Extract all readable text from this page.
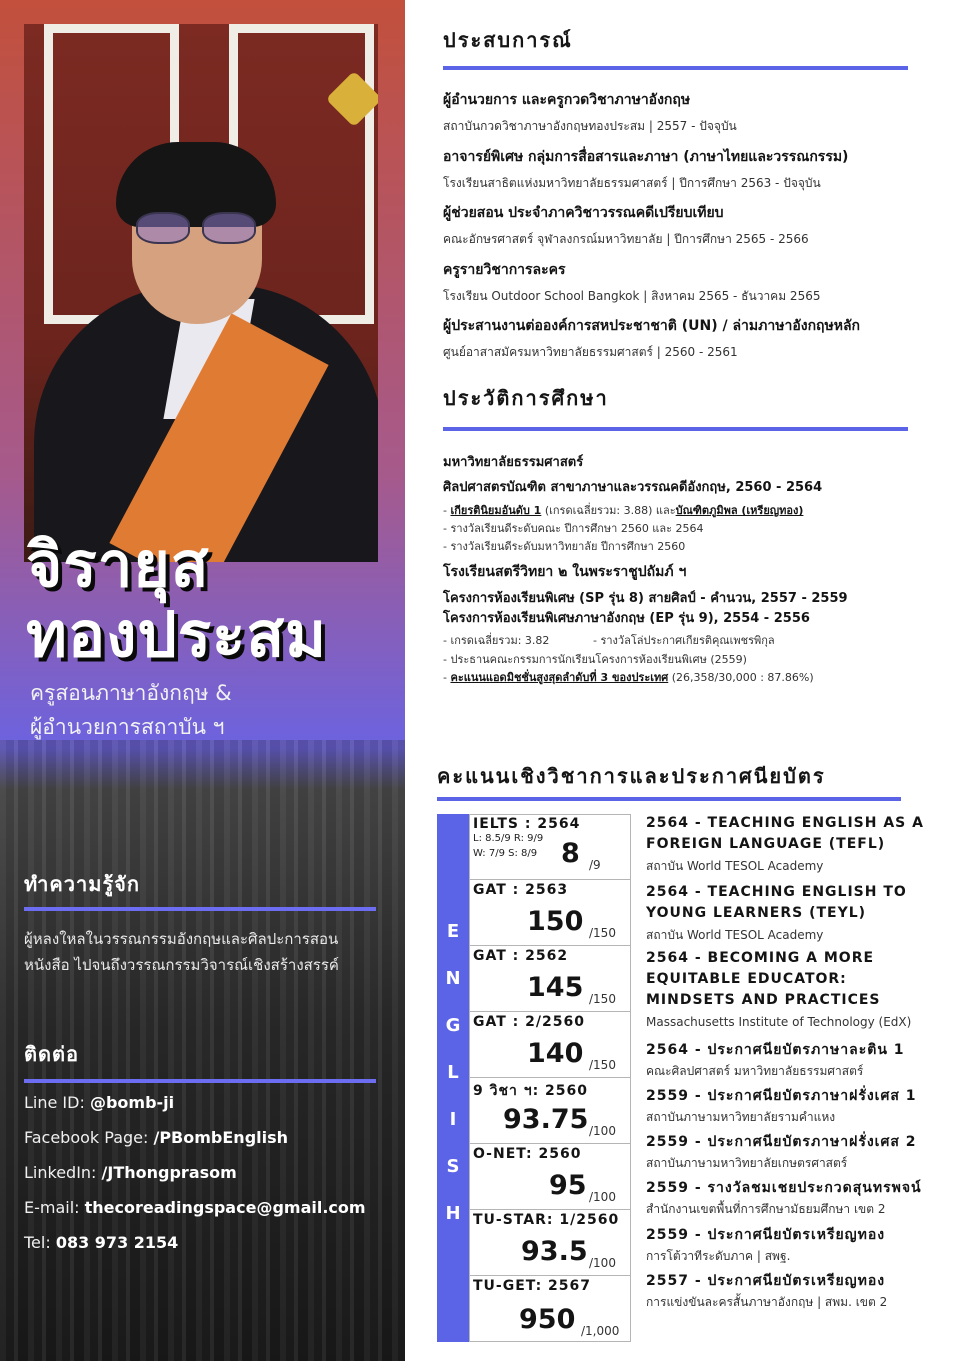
จิรายุส
ทองประสม
ครูสอนภาษาอังกฤษ &
ผู้อำนวยการสถาบัน ฯ
ทำความรู้จัก
ผู้หลงใหลในวรรณกรรมอังกฤษและศิลปะการสอน
หนังสือ ไปจนถึงวรรณกรรมวิจารณ์เชิงสร้างสรรค์
ติดต่อ
Line ID: @bomb-ji
Facebook Page: /PBombEnglish
LinkedIn: /JThongprasom
E-mail: thecoreadingspace@gmail.com
Tel: 083 973 2154
ประสบการณ์
ผู้อำนวยการ และครูกวดวิชาภาษาอังกฤษ
สถาบันกวดวิชาภาษาอังกฤษทองประสม | 2557 - ปัจจุบัน
อาจารย์พิเศษ กลุ่มการสื่อสารและภาษา (ภาษาไทยและวรรณกรรม)
โรงเรียนสาธิตแห่งมหาวิทยาลัยธรรมศาสตร์ | ปีการศึกษา 2563 - ปัจจุบัน
ผู้ช่วยสอน ประจำภาควิชาวรรณคดีเปรียบเทียบ
คณะอักษรศาสตร์ จุฬาลงกรณ์มหาวิทยาลัย | ปีการศึกษา 2565 - 2566
ครูรายวิชาการละคร
โรงเรียน Outdoor School Bangkok | สิงหาคม 2565 - ธันวาคม 2565
ผู้ประสานงานต่อองค์การสหประชาชาติ (UN) / ล่ามภาษาอังกฤษหลัก
ศูนย์อาสาสมัครมหาวิทยาลัยธรรมศาสตร์ | 2560 - 2561
ประวัติการศึกษา
มหาวิทยาลัยธรรมศาสตร์
ศิลปศาสตรบัณฑิต สาขาภาษาและวรรณคดีอังกฤษ, 2560 - 2564
- เกียรตินิยมอันดับ 1 (เกรดเฉลี่ยรวม: 3.88) และบัณฑิตภูมิพล (เหรียญทอง)
- รางวัลเรียนดีระดับคณะ ปีการศึกษา 2560 และ 2564
- รางวัลเรียนดีระดับมหาวิทยาลัย ปีการศึกษา 2560
โรงเรียนสตรีวิทยา ๒ ในพระราชูปถัมภ์ ฯ
โครงการห้องเรียนพิเศษ (SP รุ่น 8) สายศิลป์ - คำนวน, 2557 - 2559
โครงการห้องเรียนพิเศษภาษาอังกฤษ (EP รุ่น 9), 2554 - 2556
- เกรดเฉลี่ยรวม: 3.82	- รางวัลโล่ประกาศเกียรติคุณเพชรพิกุล
- ประธานคณะกรรมการนักเรียนโครงการห้องเรียนพิเศษ (2559)
- คะแนนแอดมิชชั่นสูงสุดลำดับที่ 3 ของประเทศ (26,358/30,000 : 87.86%)
คะแนนเชิงวิชาการและประกาศนียบัตร
E
N
G
L
I
S
H
IELTS : 2564
L: 8.5/9 R: 9/9
W: 7/9 S: 8/9 8 /9
GAT : 2563
150 /150
GAT : 2562
145 /150
GAT : 2/2560
140 /150
9 วิชา ฯ: 2560
93.75 /100
O-NET: 2560
95 /100
TU-STAR: 1/2560
93.5 /100
TU-GET: 2567
950 /1,000
2564 - TEACHING ENGLISH AS A
FOREIGN LANGUAGE (TEFL)
สถาบัน World TESOL Academy
2564 - TEACHING ENGLISH TO
YOUNG LEARNERS (TEYL)
สถาบัน World TESOL Academy
2564 - BECOMING A MORE
EQUITABLE EDUCATOR:
MINDSETS AND PRACTICES
Massachusetts Institute of Technology (EdX)
2564 - ประกาศนียบัตรภาษาละติน 1
คณะศิลปศาสตร์ มหาวิทยาลัยธรรมศาสตร์
2559 - ประกาศนียบัตรภาษาฝรั่งเศส 1
สถาบันภาษามหาวิทยาลัยรามคำแหง
2559 - ประกาศนียบัตรภาษาฝรั่งเศส 2
สถาบันภาษามหาวิทยาลัยเกษตรศาสตร์
2559 - รางวัลชมเชยประกวดสุนทรพจน์
สำนักงานเขตพื้นที่การศึกษามัธยมศึกษา เขต 2
2559 - ประกาศนียบัตรเหรียญทอง
การโต้วาทีระดับภาค | สพฐ.
2557 - ประกาศนียบัตรเหรียญทอง
การแข่งขันละครสั้นภาษาอังกฤษ | สพม. เขต 2
